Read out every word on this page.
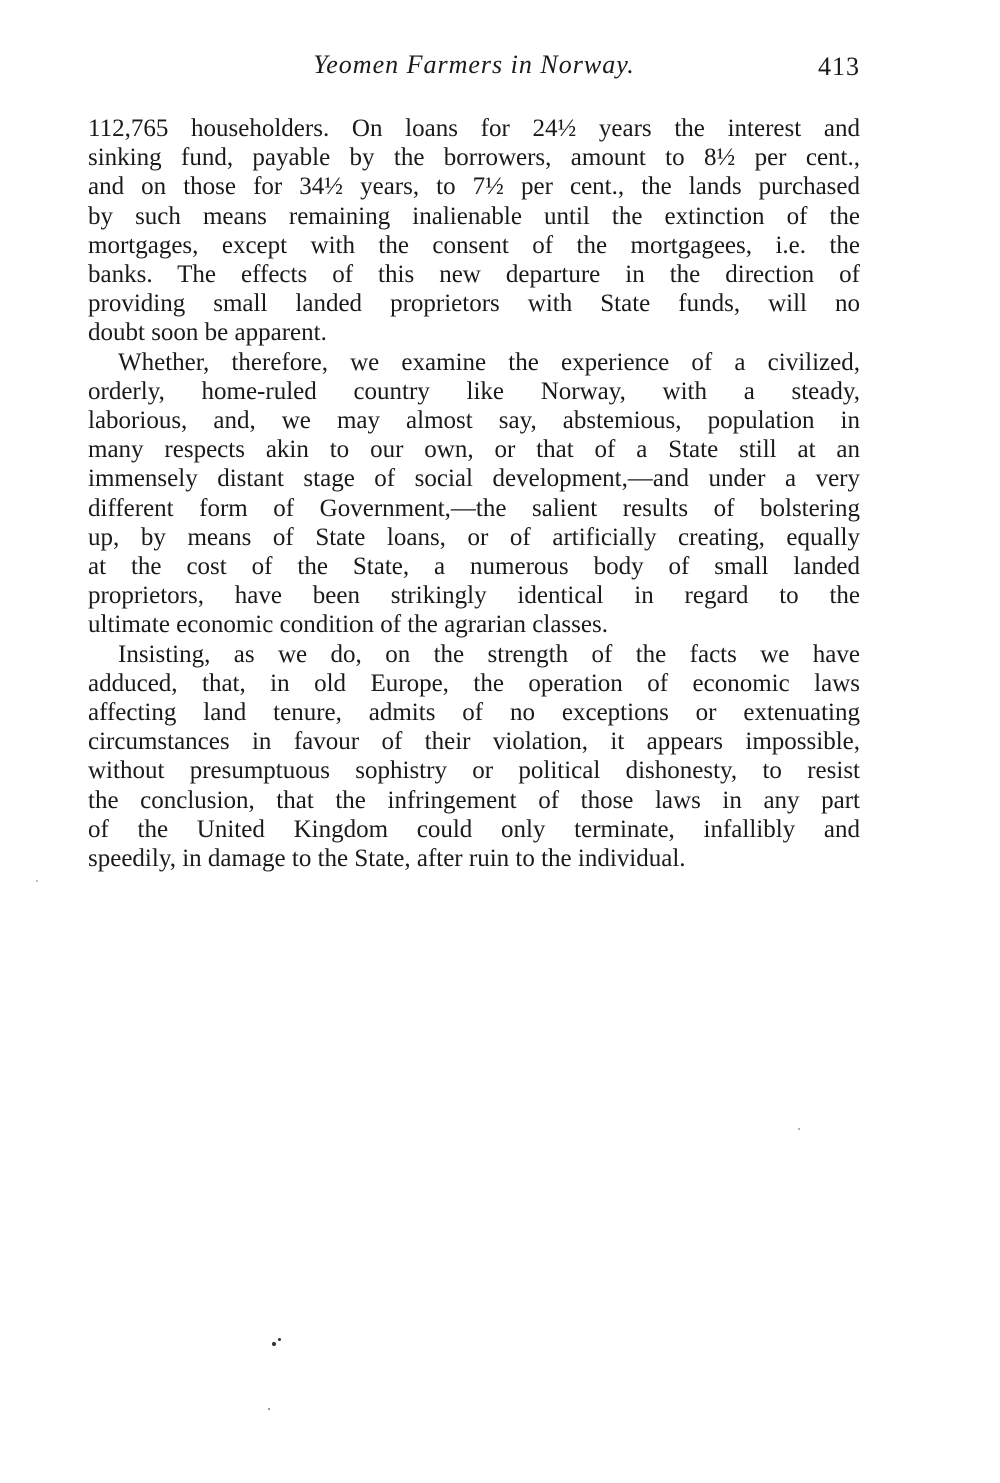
Yeomen Farmers in Norway.	413

112,765 householders. On loans for 24½ years the interest and
sinking fund, payable by the borrowers, amount to 8½ per cent.,
and on those for 34½ years, to 7½ per cent., the lands purchased
by such means remaining inalienable until the extinction of the
mortgages, except with the consent of the mortgagees, i.e. the
banks. The effects of this new departure in the direction of
providing small landed proprietors with State funds, will no
doubt soon be apparent.

Whether, therefore, we examine the experience of a civilized,
orderly, home-ruled country like Norway, with a steady,
laborious, and, we may almost say, abstemious, population in
many respects akin to our own, or that of a State still at an
immensely distant stage of social development,—and under a very
different form of Government,—the salient results of bolstering
up, by means of State loans, or of artificially creating, equally
at the cost of the State, a numerous body of small landed
proprietors, have been strikingly identical in regard to the
ultimate economic condition of the agrarian classes.

Insisting, as we do, on the strength of the facts we have
adduced, that, in old Europe, the operation of economic laws
affecting land tenure, admits of no exceptions or extenuating
circumstances in favour of their violation, it appears impossible,
without presumptuous sophistry or political dishonesty, to resist
the conclusion, that the infringement of those laws in any part
of the United Kingdom could only terminate, infallibly and
speedily, in damage to the State, after ruin to the individual.
